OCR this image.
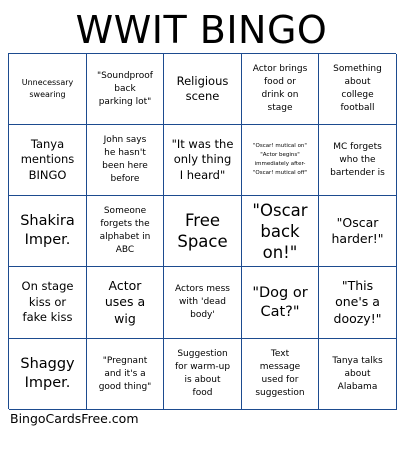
WWIT BINGO
Unnecessary
swearing
"Soundproof
back
parking lot"
Religious
scene
Actor brings
food or
drink on
stage
Something
about
college
football
Tanya
mentions
BINGO
John says
he hasn't
been here
before
"It was the
only thing
I heard"
"Oscar! mutical on"
"Actor begins"
immediately after-
"Oscar! mutical off"
MC forgets
who the
bartender is
Shakira
Imper.
Someone
forgets the
alphabet in
ABC
Free
Space
"Oscar
back
on!"
"Oscar
harder!"
On stage
kiss or
fake kiss
Actor
uses a
wig
Actors mess
with 'dead
body'
"Dog or
Cat?"
"This
one's a
doozy!"
Shaggy
Imper.
"Pregnant
and it's a
good thing"
Suggestion
for warm-up
is about
food
Text
message
used for
suggestion
Tanya talks
about
Alabama
BingoCardsFree.com
